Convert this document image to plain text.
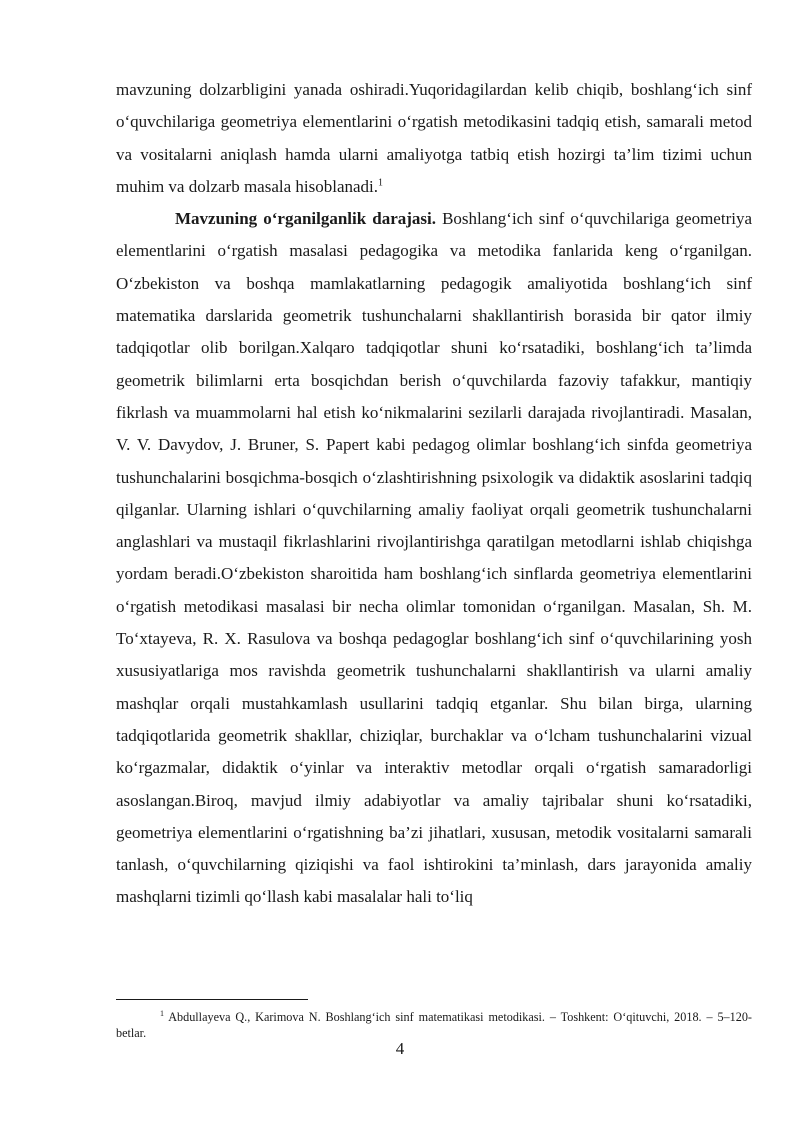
mavzuning dolzarbligini yanada oshiradi.Yuqoridagilardan kelib chiqib, boshlang‘ich sinf o‘quvchilariga geometriya elementlarini o‘rgatish metodikasini tadqiq etish, samarali metod va vositalarni aniqlash hamda ularni amaliyotga tatbiq etish hozirgi ta’lim tizimi uchun muhim va dolzarb masala hisoblanadi.$^1$

Mavzuning o‘rganilganlik darajasi. Boshlang‘ich sinf o‘quvchilariga geometriya elementlarini o‘rgatish masalasi pedagogika va metodika fanlarida keng o‘rganilgan. O‘zbekiston va boshqa mamlakatlarning pedagogik amaliyotida boshlang‘ich sinf matematika darslarida geometrik tushunchalarni shakllantirish borasida bir qator ilmiy tadqiqotlar olib borilgan.Xalqaro tadqiqotlar shuni ko‘rsatadiki, boshlang‘ich ta’limda geometrik bilimlarni erta bosqichdan berish o‘quvchilarda fazoviy tafakkur, mantiqiy fikrlash va muammolarni hal etish ko‘nikmalarini sezilarli darajada rivojlantiradi. Masalan, V. V. Davydov, J. Bruner, S. Papert kabi pedagog olimlar boshlang‘ich sinfda geometriya tushunchalarini bosqichma-bosqich o‘zlashtirishning psixologik va didaktik asoslarini tadqiq qilganlar. Ularning ishlari o‘quvchilarning amaliy faoliyat orqali geometrik tushunchalarni anglashlari va mustaqil fikrlashlarini rivojlantirishga qaratilgan metodlarni ishlab chiqishga yordam beradi.O‘zbekiston sharoitida ham boshlang‘ich sinflarda geometriya elementlarini o‘rgatish metodikasi masalasi bir necha olimlar tomonidan o‘rganilgan. Masalan, Sh. M. To‘xtayeva, R. X. Rasulova va boshqa pedagoglar boshlang‘ich sinf o‘quvchilarining yosh xususiyatlariga mos ravishda geometrik tushunchalarni shakllantirish va ularni amaliy mashqlar orqali mustahkamlash usullarini tadqiq etganlar. Shu bilan birga, ularning tadqiqotlarida geometrik shakllar, chiziqlar, burchaklar va o‘lcham tushunchalarini vizual ko‘rgazmalar, didaktik o‘yinlar va interaktiv metodlar orqali o‘rgatish samaradorligi asoslangan.Biroq, mavjud ilmiy adabiyotlar va amaliy tajribalar shuni ko‘rsatadiki, geometriya elementlarini o‘rgatishning ba’zi jihatlari, xususan, metodik vositalarni samarali tanlash, o‘quvchilarning qiziqishi va faol ishtirokini ta’minlash, dars jarayonida amaliy mashqlarni tizimli qo‘llash kabi masalalar hali to‘liq

$^1$ Abdullayeva Q., Karimova N. Boshlang‘ich sinf matematikasi metodikasi. – Toshkent: O‘qituvchi, 2018. – 5–120-betlar.
4
